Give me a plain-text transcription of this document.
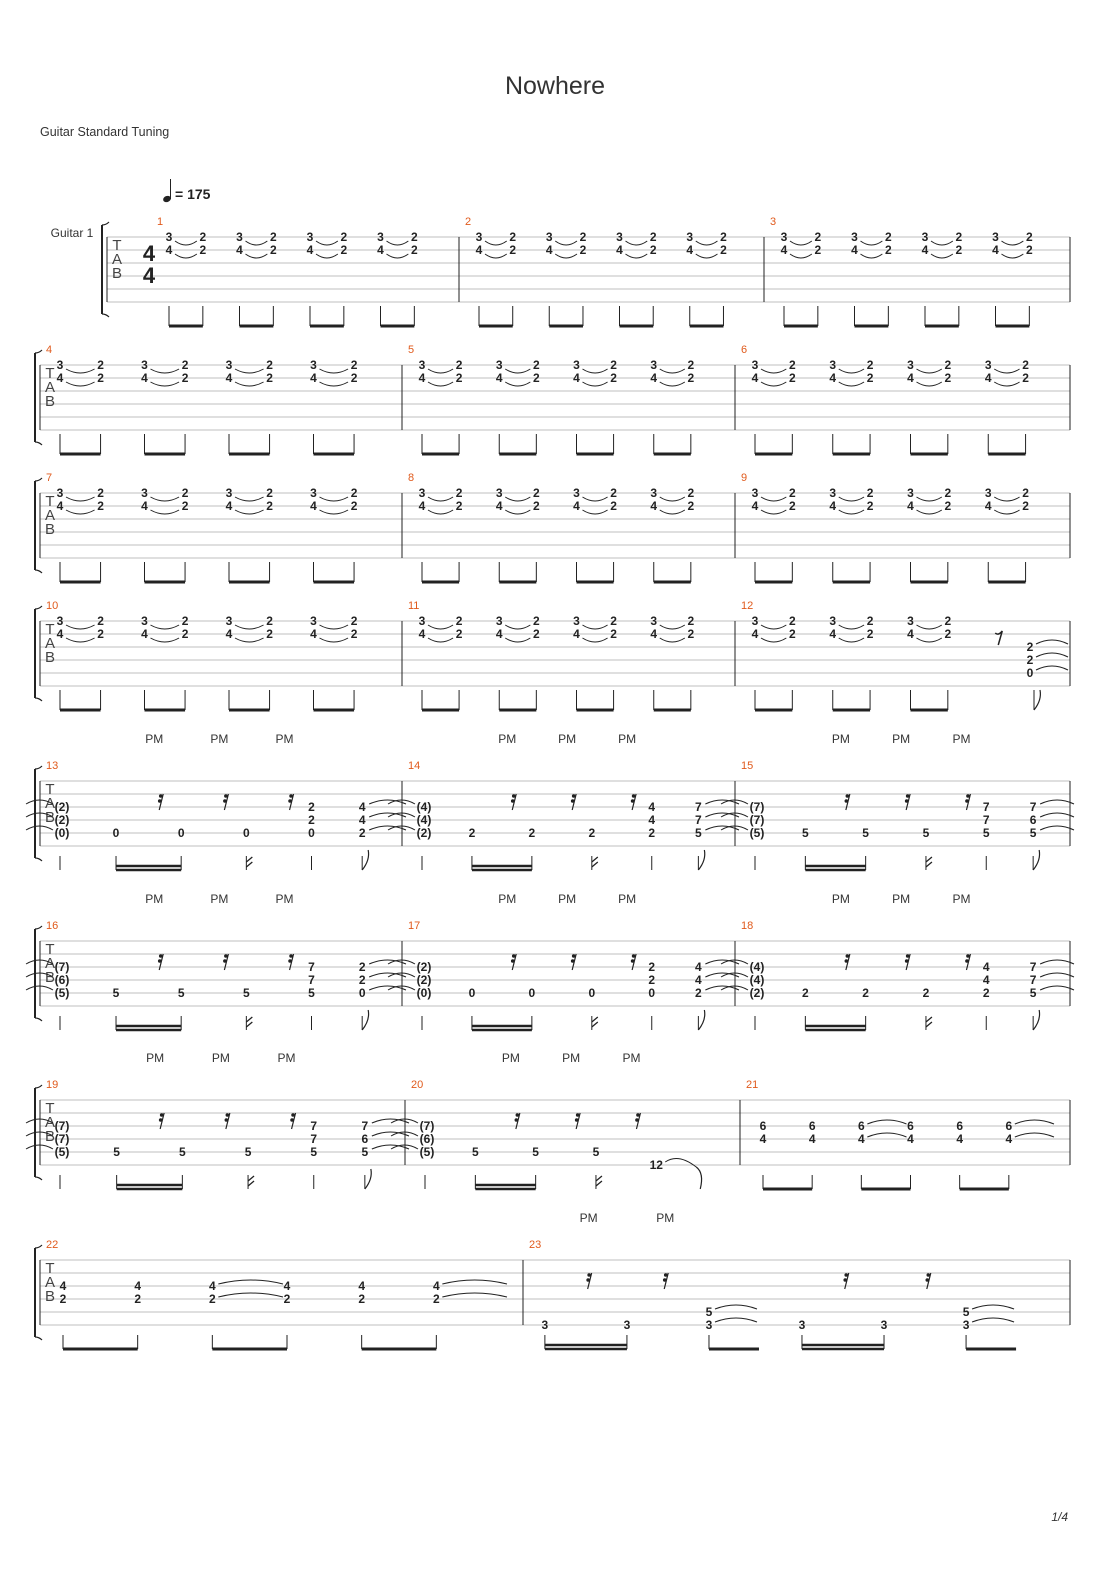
Nowhere
Guitar Standard Tuning
= 175
T
A
B
Guitar 1
4
4
1
3
4
2
2
3
4
2
2
3
4
2
2
3
4
2
2
2
3
4
2
2
3
4
2
2
3
4
2
2
3
4
2
2
3
3
4
2
2
3
4
2
2
3
4
2
2
3
4
2
2
T
A
B
4
3
4
2
2
3
4
2
2
3
4
2
2
3
4
2
2
5
3
4
2
2
3
4
2
2
3
4
2
2
3
4
2
2
6
3
4
2
2
3
4
2
2
3
4
2
2
3
4
2
2
T
A
B
7
3
4
2
2
3
4
2
2
3
4
2
2
3
4
2
2
8
3
4
2
2
3
4
2
2
3
4
2
2
3
4
2
2
9
3
4
2
2
3
4
2
2
3
4
2
2
3
4
2
2
T
A
B
10
3
4
2
2
3
4
2
2
3
4
2
2
3
4
2
2
11
3
4
2
2
3
4
2
2
3
4
2
2
3
4
2
2
12
3
4
2
2
3
4
2
2
3
4
2
2
2
2
0
T
A
B
13
(2)
(2)
(0)
PM	PM	PM
0	0	0
2
2
0
4
4
2
14
(4)
(4)
(2)
PM	PM	PM
2	2	2
4
4
2
7
7
5
15
(7)
(7)
(5)
PM	PM	PM
5	5	5
7
7
5
7
6
5
T
A
B
16
(7)
(6)
(5)
PM	PM	PM
5	5	5
7
7
5
2
2
0
17
(2)
(2)
(0)
PM	PM	PM
0	0	0
2
2
0
4
4
2
18
(4)
(4)
(2)
PM	PM	PM
2	2	2
4
4
2
7
7
5
T
A
B
19
(7)
(7)
(5)
PM	PM	PM
5	5	5
7
7
5
7
6
5
20
(7)
(6)
(5)
PM	PM	PM
5	5	5
12
21
6
4
6
4
6
4
6
4
6
4
6
4
T
A
B
22
4
2
4
2
4
2
4
2
4
2
4
2
23
3	3	3	3
5
3
5
3
PM	PM
1/4
